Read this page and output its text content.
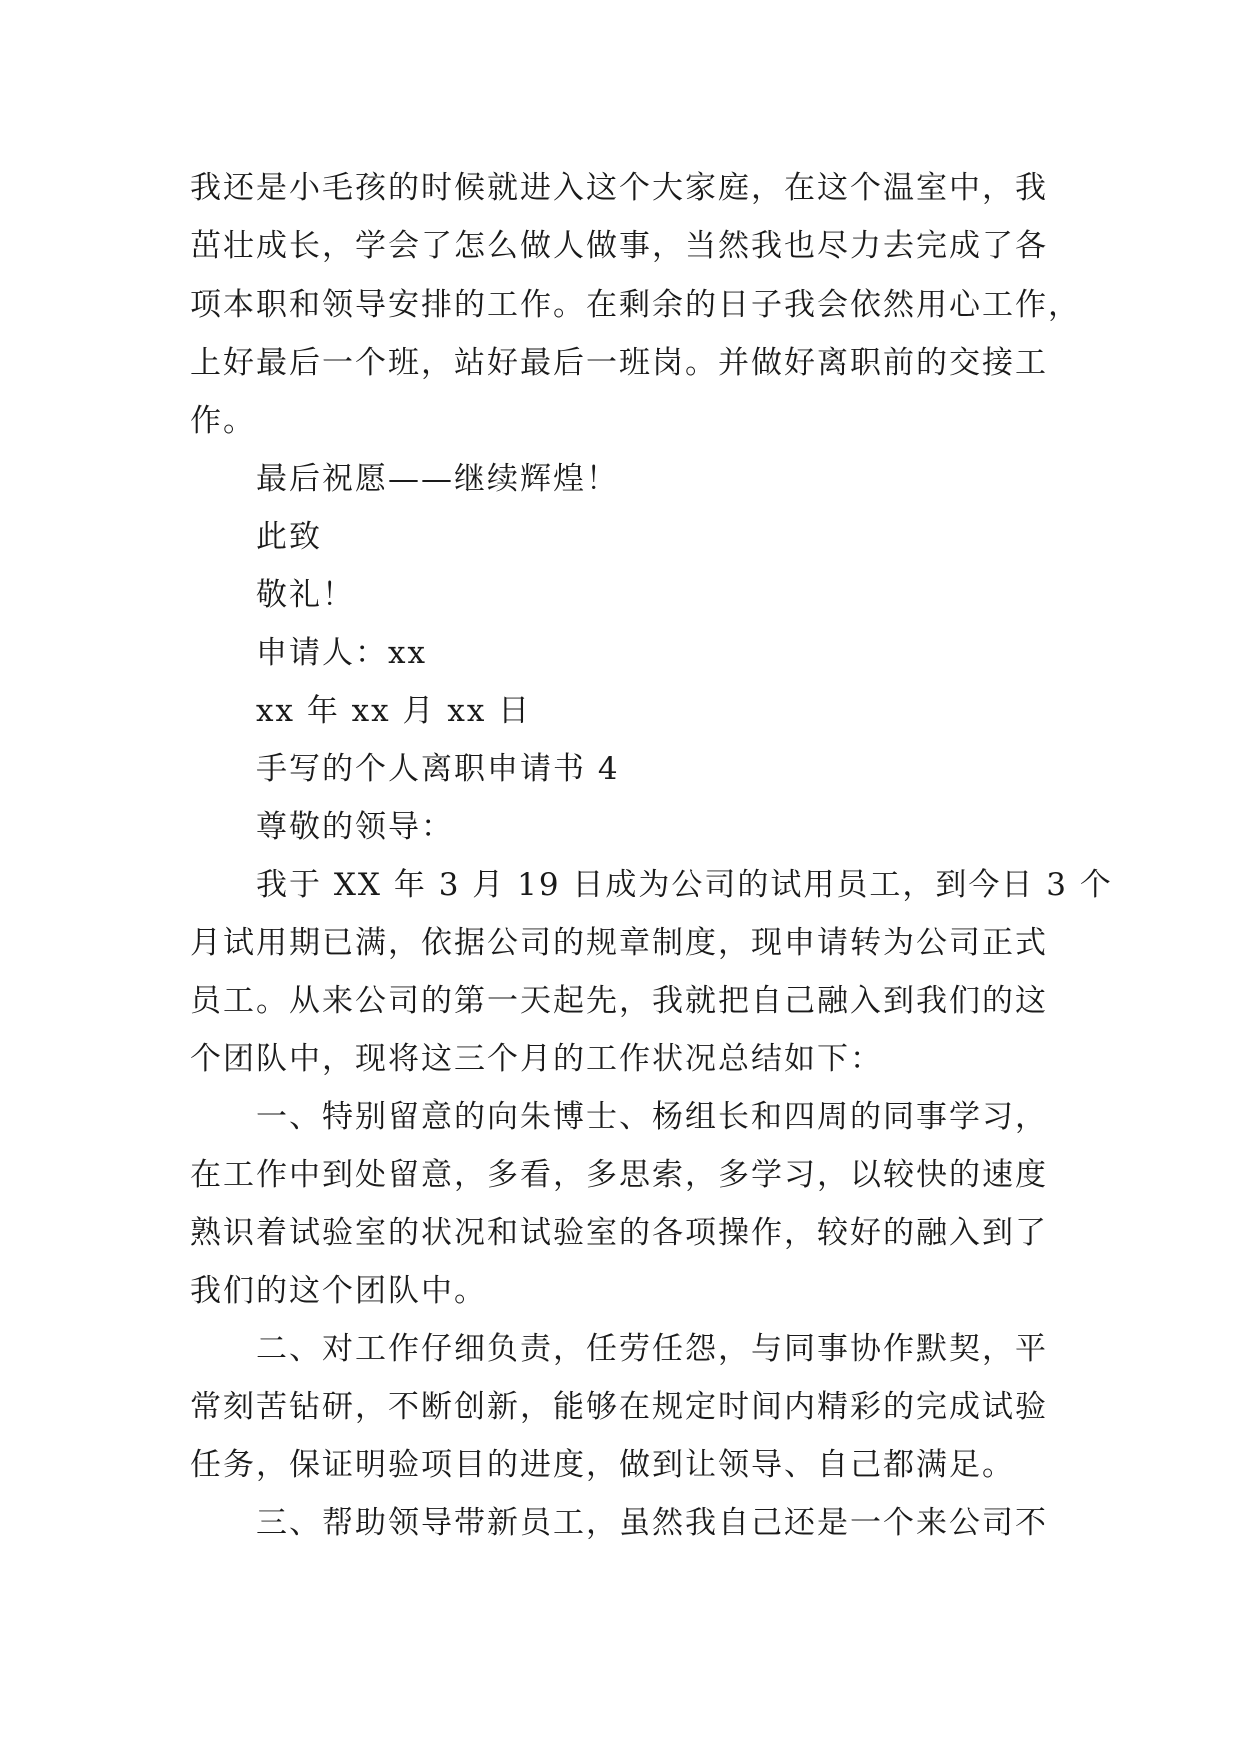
我还是小毛孩的时候就进入这个大家庭，在这个温室中，我
茁壮成长，学会了怎么做人做事，当然我也尽力去完成了各
项本职和领导安排的工作。在剩余的日子我会依然用心工作，
上好最后一个班，站好最后一班岗。并做好离职前的交接工
作。
最后祝愿——继续辉煌！
此致
敬礼！
申请人：xx
xx 年 xx 月 xx 日
手写的个人离职申请书 4
尊敬的领导：
我于 XX 年 3 月 19 日成为公司的试用员工，到今日 3 个
月试用期已满，依据公司的规章制度，现申请转为公司正式
员工。从来公司的第一天起先，我就把自己融入到我们的这
个团队中，现将这三个月的工作状况总结如下：
一、特别留意的向朱博士、杨组长和四周的同事学习，
在工作中到处留意，多看，多思索，多学习，以较快的速度
熟识着试验室的状况和试验室的各项操作，较好的融入到了
我们的这个团队中。
二、对工作仔细负责，任劳任怨，与同事协作默契，平
常刻苦钻研，不断创新，能够在规定时间内精彩的完成试验
任务，保证明验项目的进度，做到让领导、自己都满足。
三、帮助领导带新员工，虽然我自己还是一个来公司不
